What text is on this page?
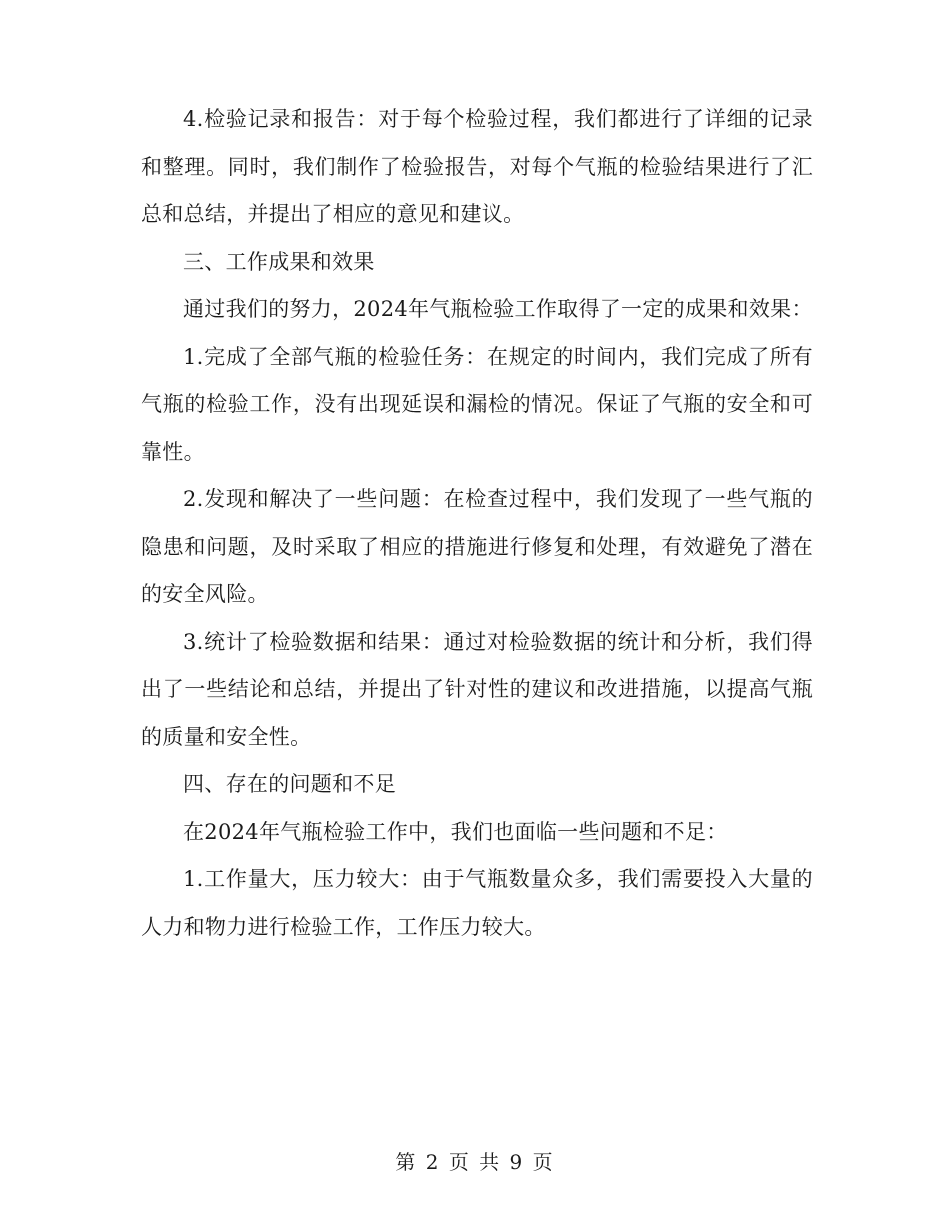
4.检验记录和报告：对于每个检验过程，我们都进行了详细的记录和整理。同时，我们制作了检验报告，对每个气瓶的检验结果进行了汇总和总结，并提出了相应的意见和建议。

三、工作成果和效果

通过我们的努力，2024年气瓶检验工作取得了一定的成果和效果：

1.完成了全部气瓶的检验任务：在规定的时间内，我们完成了所有气瓶的检验工作，没有出现延误和漏检的情况。保证了气瓶的安全和可靠性。

2.发现和解决了一些问题：在检查过程中，我们发现了一些气瓶的隐患和问题，及时采取了相应的措施进行修复和处理，有效避免了潜在的安全风险。

3.统计了检验数据和结果：通过对检验数据的统计和分析，我们得出了一些结论和总结，并提出了针对性的建议和改进措施，以提高气瓶的质量和安全性。

四、存在的问题和不足

在2024年气瓶检验工作中，我们也面临一些问题和不足：

1.工作量大，压力较大：由于气瓶数量众多，我们需要投入大量的人力和物力进行检验工作，工作压力较大。

第 2 页 共 9 页
